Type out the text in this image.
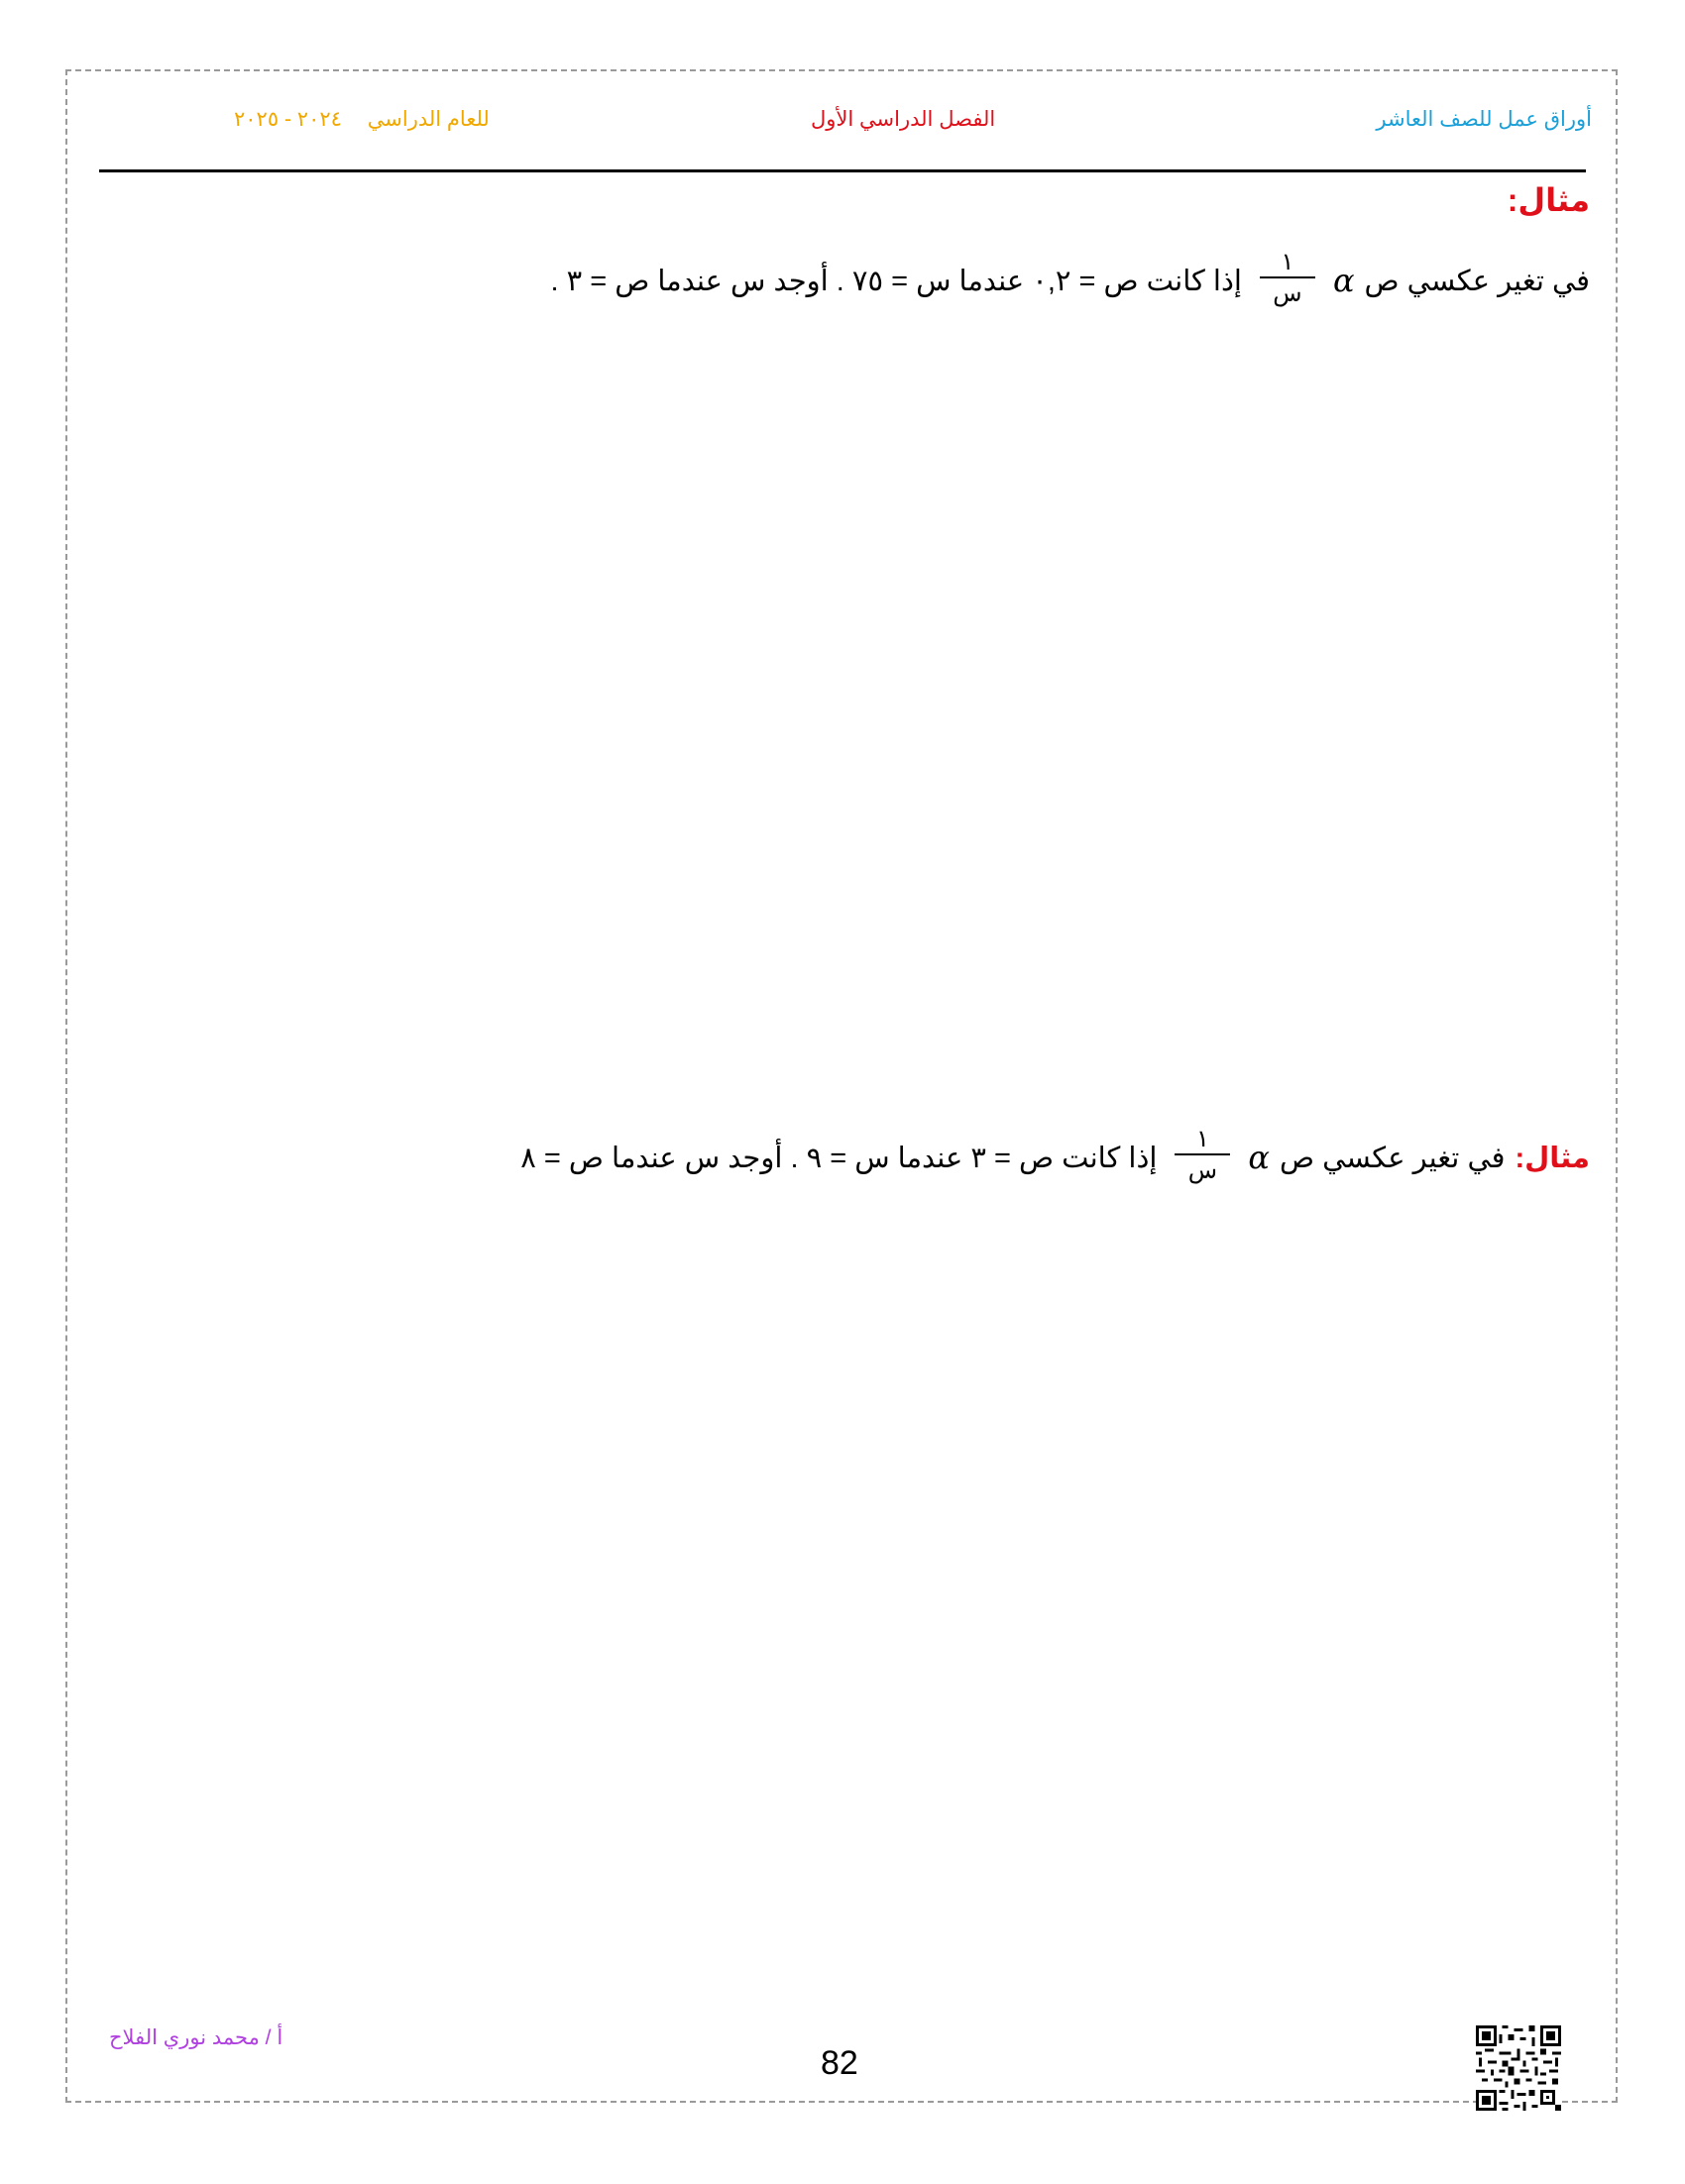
أوراق عمل للصف العاشر
الفصل الدراسي الأول
للعام الدراسي ٢٠٢٤ - ٢٠٢٥
مثال:
في تغير عكسي ص
α
$\frac{١}{\text{س}}$
إذا كانت ص = ٠,٢ عندما س = ٧٥ . أوجد س عندما ص = ٣ .
مثال:
في تغير عكسي ص
α
$\frac{١}{\text{س}}$
إذا كانت ص = ٣ عندما س = ٩ . أوجد س عندما ص = ٨
أ / محمد نوري الفلاح
82
